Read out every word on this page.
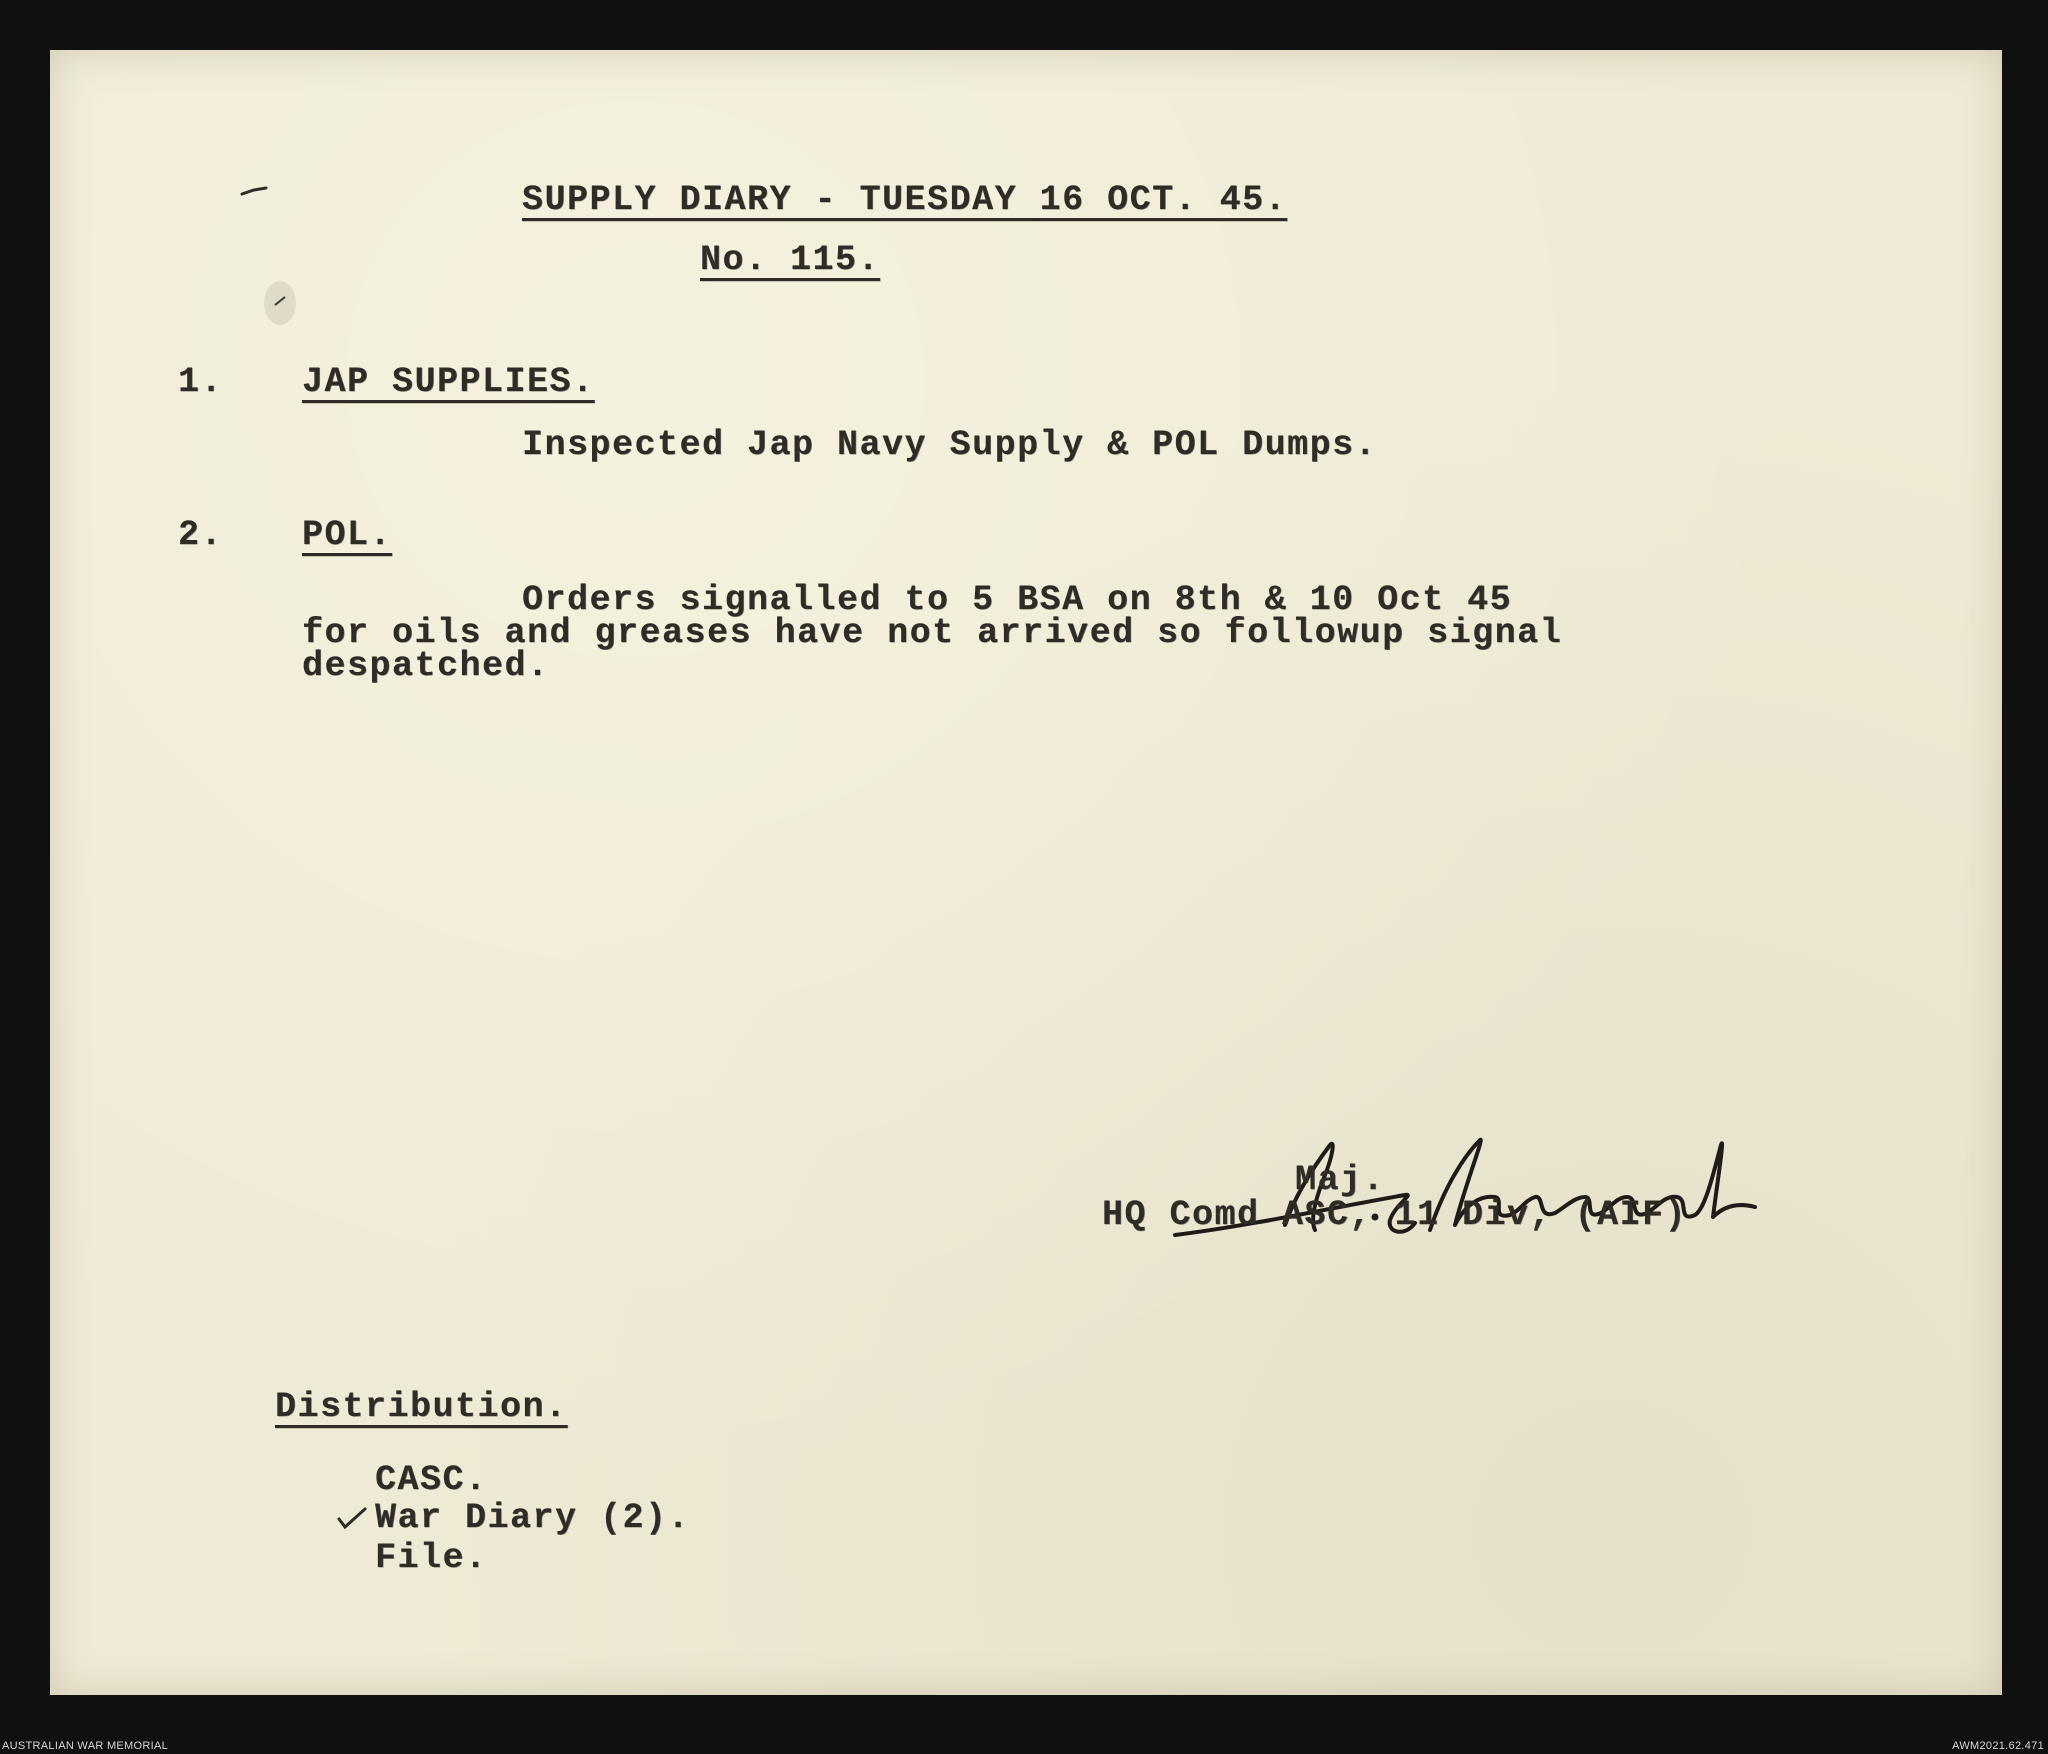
SUPPLY DIARY - TUESDAY 16 OCT. 45.
No. 115.
1. JAP SUPPLIES.
Inspected Jap Navy Supply & POL Dumps.
2. POL.
Orders signalled to 5 BSA on 8th & 10 Oct 45
for oils and greases have not arrived so followup signal
despatched.
Maj.
HQ Comd ASC, 11 Div, (AIF)
Distribution.
CASC.
War Diary (2).
File.
AUSTRALIAN WAR MEMORIAL	AWM2021.62.471
